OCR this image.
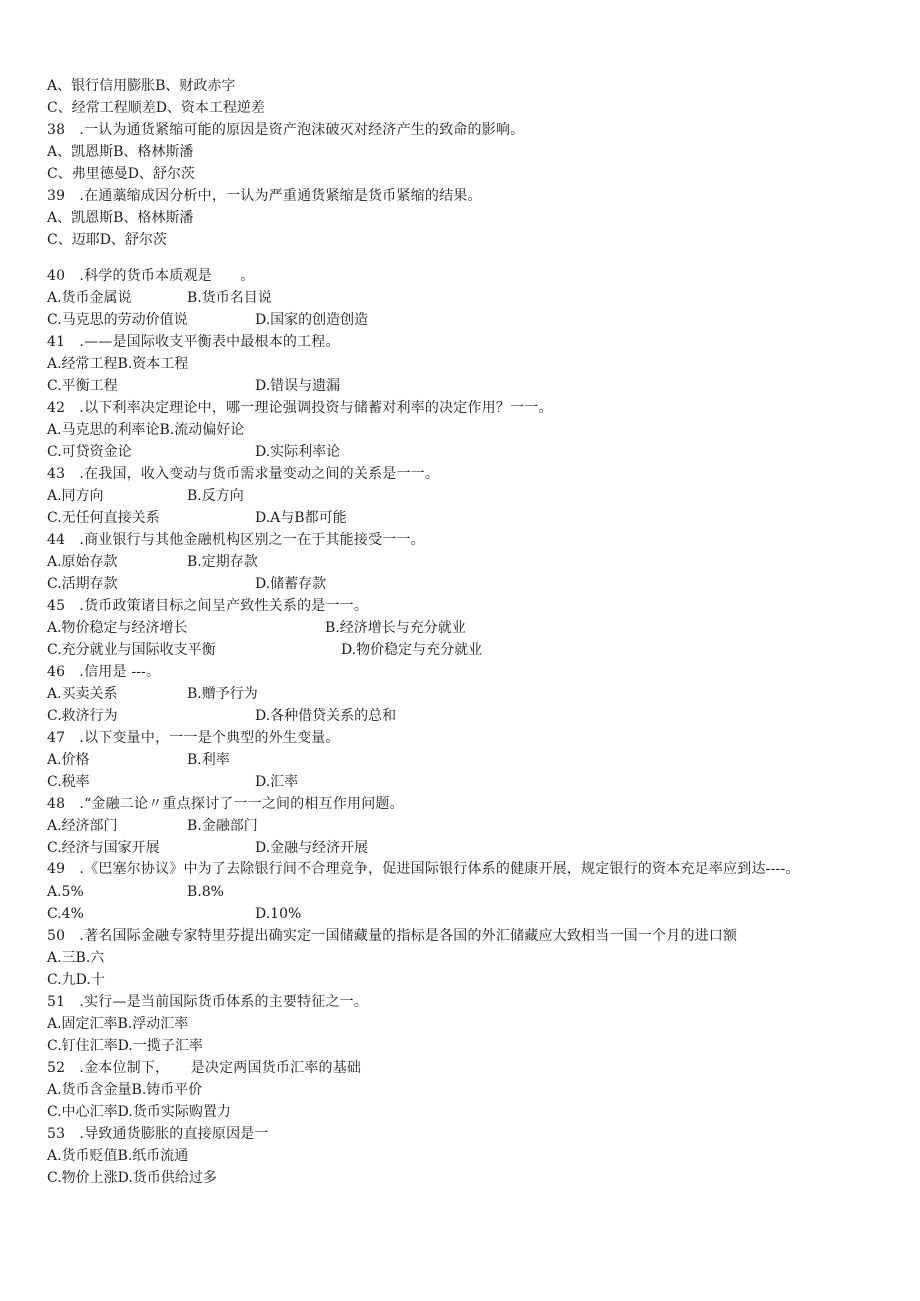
A、银行信用膨胀B、财政赤字
C、经常工程顺差D、资本工程逆差
38　.一认为通货紧缩可能的原因是资产泡沫破灭对经济产生的致命的影响。
A、凯恩斯B、格林斯潘
C、弗里德曼D、舒尔茨
39　.在通藁缩成因分析中，一认为严重通货紧缩是货币紧缩的结果。
A、凯恩斯B、格林斯潘
C、迈耶D、舒尔茨
40　.科学的货币本质观是　　。
A.货币金属说	B.货币名目说
C.马克思的劳动价值说	D.国家的创造创造
41　.——是国际收支平衡表中最根本的工程。
A.经常工程B.资本工程
C.平衡工程	D.错误与遗漏
42　.以下利率决定理论中，哪一理论强调投资与储蓄对利率的决定作用？一一。
A.马克思的利率论B.流动偏好论
C.可贷资金论	D.实际利率论
43　.在我国，收入变动与货币需求量变动之间的关系是一一。
A.同方向	B.反方向
C.无任何直接关系	D.A与B都可能
44　.商业银行与其他金融机构区别之一在于其能接受一一。
A.原始存款	B.定期存款
C.活期存款	D.储蓄存款
45　.货币政策诸目标之间呈产致性关系的是一一。
A.物价稳定与经济增长	B.经济增长与充分就业
C.充分就业与国际收支平衡	D.物价稳定与充分就业
46　.信用是 ---。
A.买卖关系	B.赠予行为
C.救济行为	D.各种借贷关系的总和
47　.以下变量中，一一是个典型的外生变量。
A.价格	B.利率
C.税率	D.汇率
48　.“金融二论〃重点探讨了一一之间的相互作用问题。
A.经济部门	B.金融部门
C.经济与国家开展	D.金融与经济开展
49　.《巴塞尔协议》中为了去除银行间不合理竞争，促进国际银行体系的健康开展，规定银行的资本充足率应到达----。
A.5%	B.8%
C.4%	D.10%
50　.著名国际金融专家特里芬提出确实定一国储藏量的指标是各国的外汇储藏应大致相当一国一个月的进口额
A.三B.六
C.九D.十
51　.实行—是当前国际货币体系的主要特征之一。
A.固定汇率B.浮动汇率
C.钉住汇率D.一揽子汇率
52　.金本位制下，　　是决定两国货币汇率的基础
A.货币含金量B.铸币平价
C.中心汇率D.货币实际购置力
53　.导致通货膨胀的直接原因是一
A.货币贬值B.纸币流通
C.物价上涨D.货币供给过多
